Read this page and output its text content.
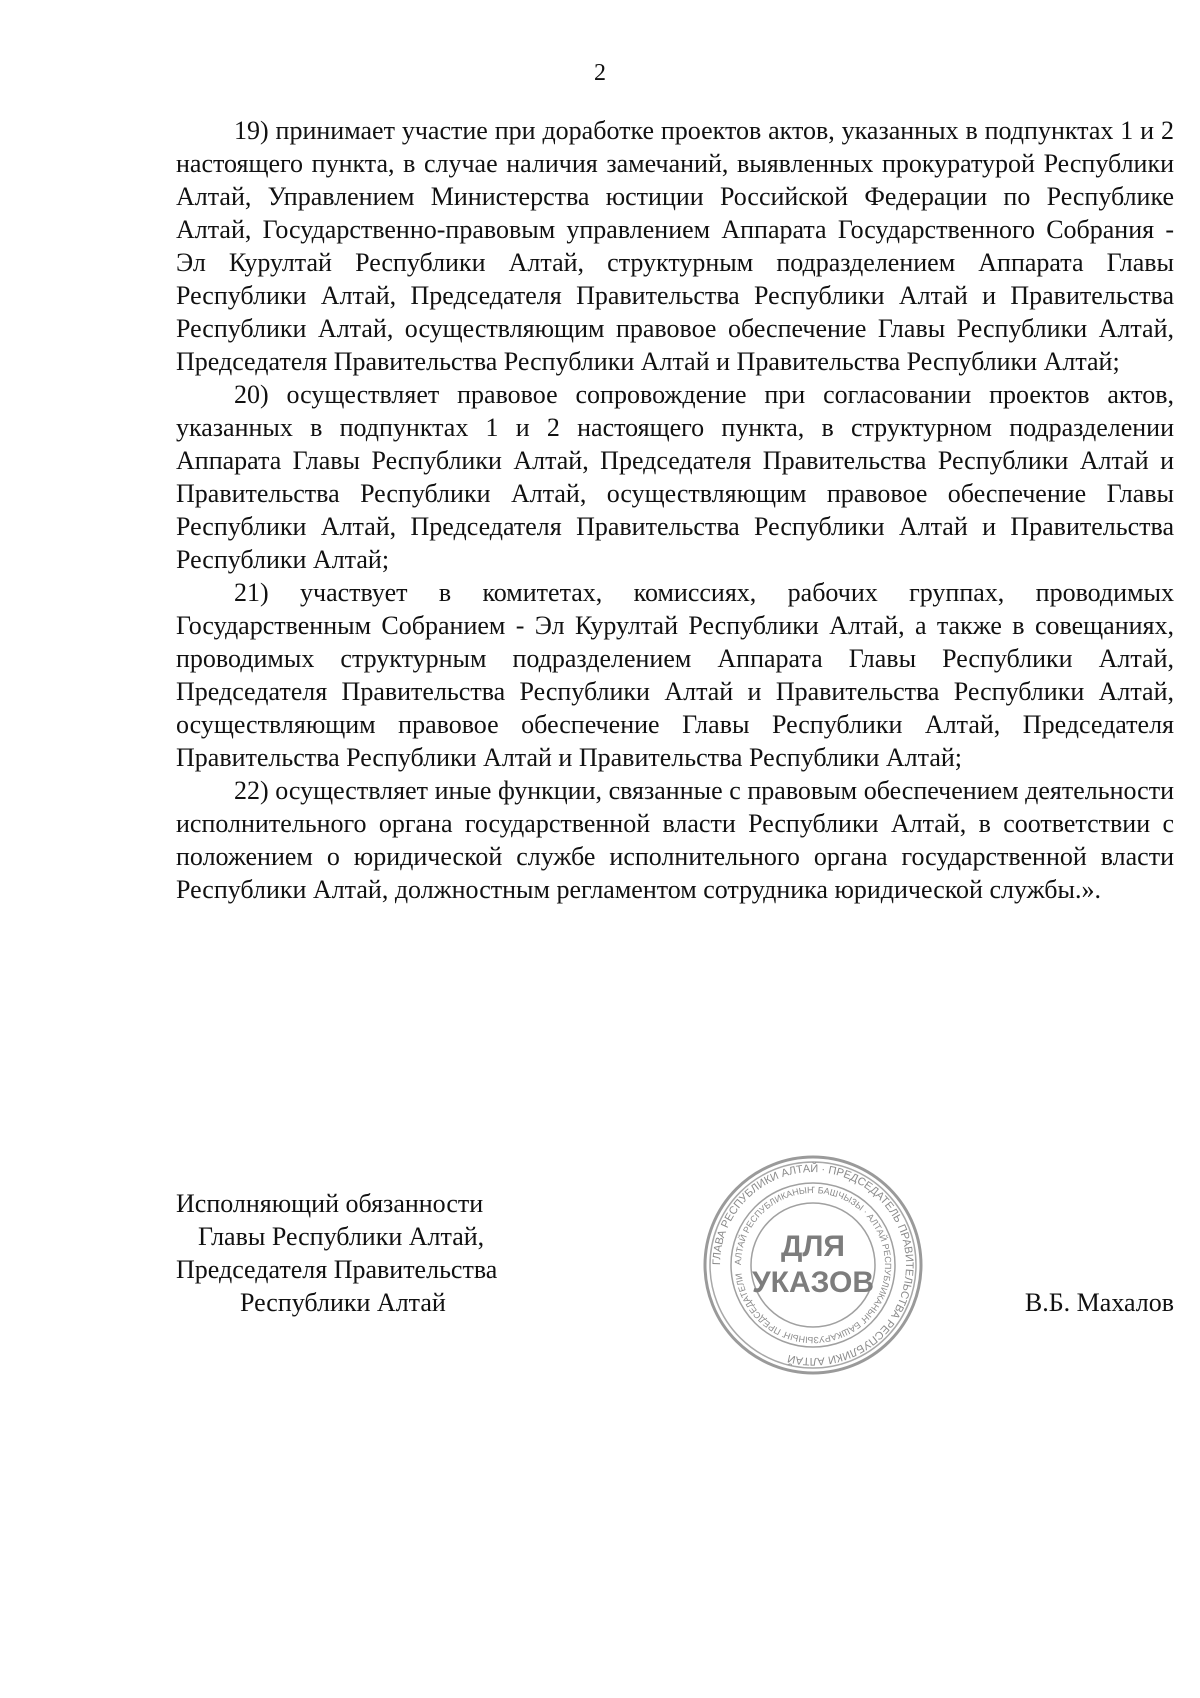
2

19) принимает участие при доработке проектов актов, указанных в подпунктах 1 и 2 настоящего пункта, в случае наличия замечаний, выявленных прокуратурой Республики Алтай, Управлением Министерства юстиции Российской Федерации по Республике Алтай, Государственно-правовым управлением Аппарата Государственного Собрания - Эл Курултай Республики Алтай, структурным подразделением Аппарата Главы Республики Алтай, Председателя Правительства Республики Алтай и Правительства Республики Алтай, осуществляющим правовое обеспечение Главы Республики Алтай, Председателя Правительства Республики Алтай и Правительства Республики Алтай;

20) осуществляет правовое сопровождение при согласовании проектов актов, указанных в подпунктах 1 и 2 настоящего пункта, в структурном подразделении Аппарата Главы Республики Алтай, Председателя Правительства Республики Алтай и Правительства Республики Алтай, осуществляющим правовое обеспечение Главы Республики Алтай, Председателя Правительства Республики Алтай и Правительства Республики Алтай;

21) участвует в комитетах, комиссиях, рабочих группах, проводимых Государственным Собранием - Эл Курултай Республики Алтай, а также в совещаниях, проводимых структурным подразделением Аппарата Главы Республики Алтай, Председателя Правительства Республики Алтай и Правительства Республики Алтай, осуществляющим правовое обеспечение Главы Республики Алтай, Председателя Правительства Республики Алтай и Правительства Республики Алтай;

22) осуществляет иные функции, связанные с правовым обеспечением деятельности исполнительного органа государственной власти Республики Алтай, в соответствии с положением о юридической службе исполнительного органа государственной власти Республики Алтай, должностным регламентом сотрудника юридической службы.».

Исполняющий обязанности
Главы Республики Алтай,
Председателя Правительства
Республики Алтай
ГЛАВА РЕСПУБЛИКИ АЛТАЙ · ПРЕДСЕДАТЕЛЬ ПРАВИТЕЛЬСТВА РЕСПУБЛИКИ АЛТАЙ
АЛТАЙ РЕСПУБЛИКАНЫҤ БАШЧЫЗЫ · АЛТАЙ РЕСПУБЛИКАНЫҤ БАШКАРУЗЫНЫҤ ПРЕДСЕДАТЕЛИ
ДЛЯ
УКАЗОВ
В.Б. Махалов
